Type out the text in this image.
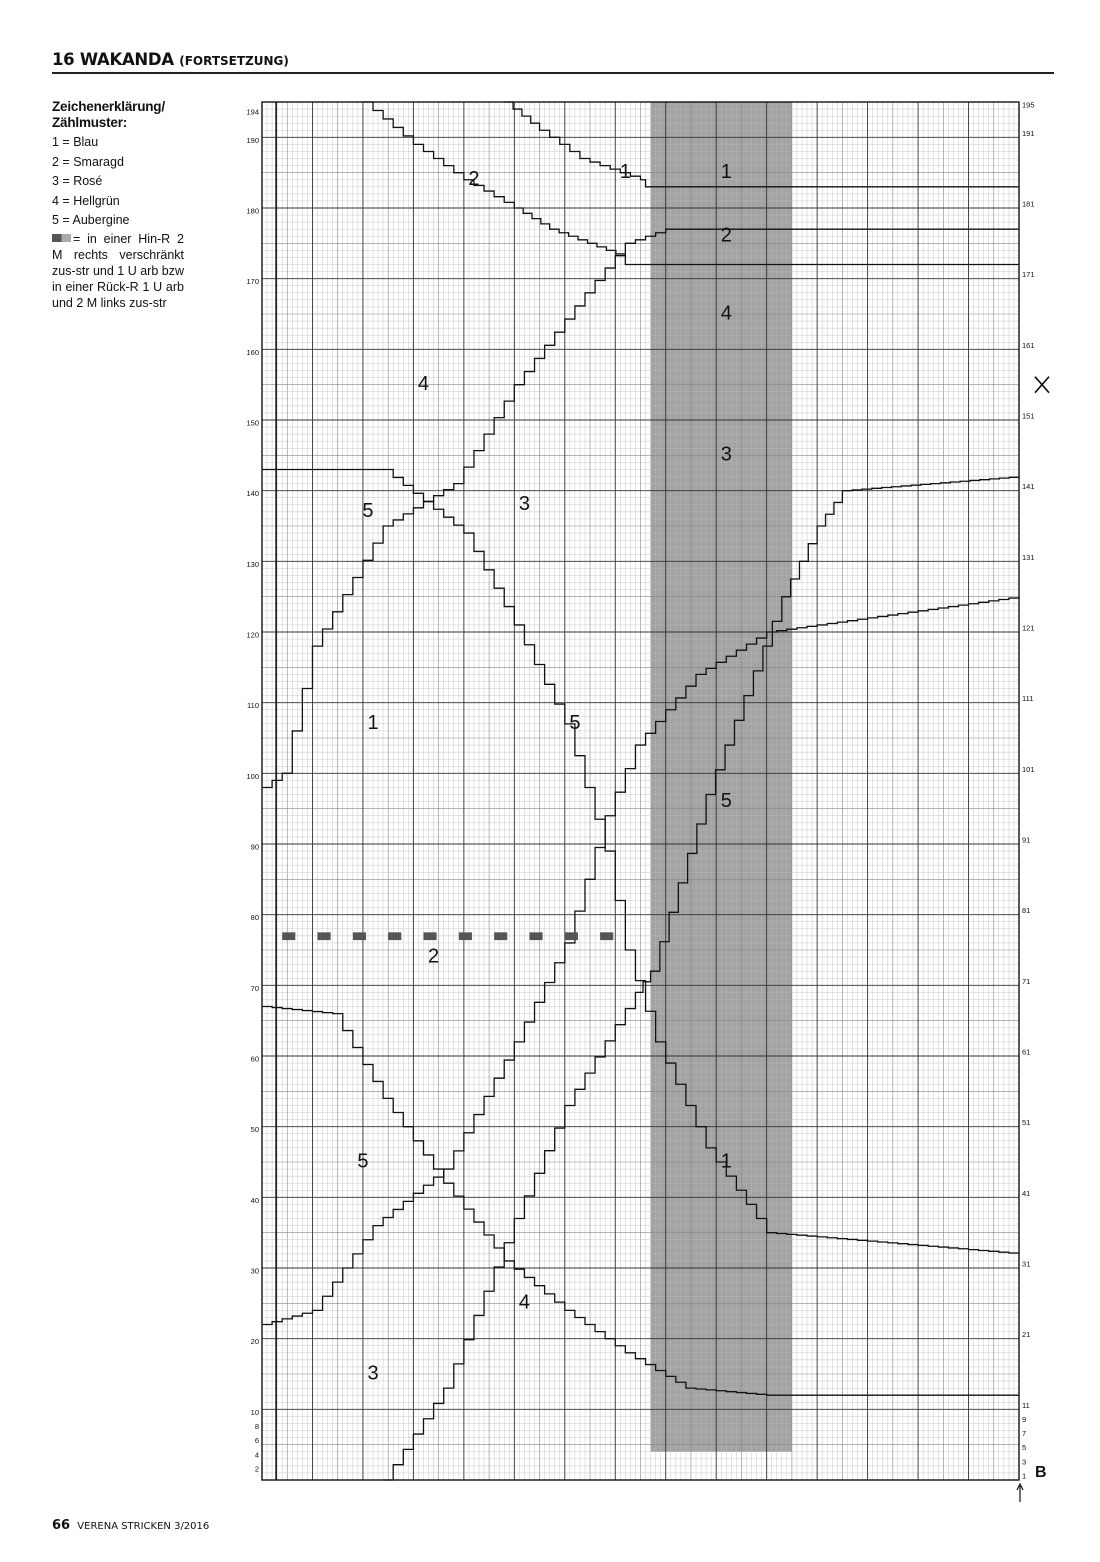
16 WAKANDA (FORTSETZUNG)
Zeichenerklärung/
Zählmuster:
1 = Blau
2 = Smaragd
3 = Rosé
4 = Hellgrün
5 = Aubergine
= in einer Hin-R 2 M rechts verschränkt zus-str und 1 U arb bzw in einer Rück-R 1 U arb und 2 M links zus-str
1	1
2
2
4
4
3
5	3
1	5
5
2
5	1
4
3
2
4
6
8
10
20
30
40
50
60
70
80
90
100
110
120
130
140
150
160
170
180
190
194
1
3
5
7
9
11
21
31
41
51
61
71
81
91
101
111
121
131
141
151
161
171
181
191
195
B
66 VERENA STRICKEN 3/2016
